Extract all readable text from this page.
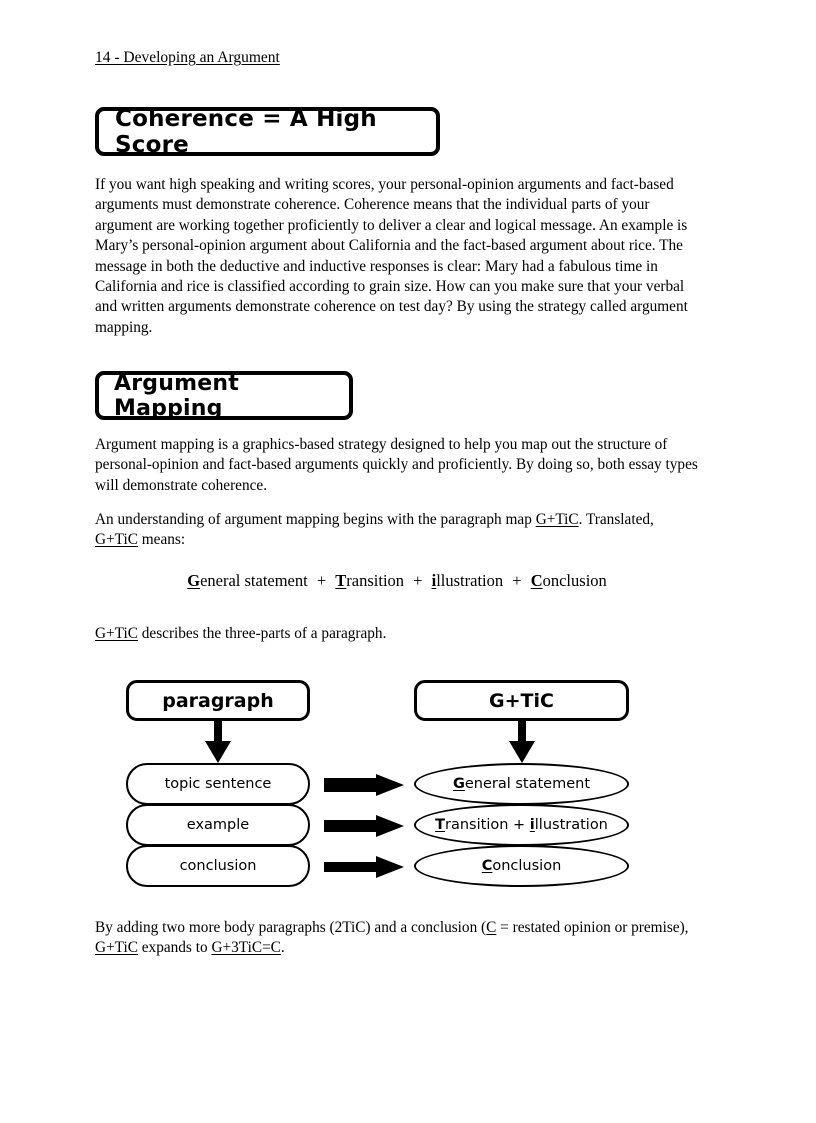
14 - Developing an Argument
Coherence = A High Score
If you want high speaking and writing scores, your personal-opinion arguments and fact-based arguments must demonstrate coherence. Coherence means that the individual parts of your argument are working together proficiently to deliver a clear and logical message. An example is Mary’s personal-opinion argument about California and the fact-based argument about rice. The message in both the deductive and inductive responses is clear: Mary had a fabulous time in California and rice is classified according to grain size. How can you make sure that your verbal and written arguments demonstrate coherence on test day? By using the strategy called argument mapping.
Argument Mapping
Argument mapping is a graphics-based strategy designed to help you map out the structure of personal-opinion and fact-based arguments quickly and proficiently. By doing so, both essay types will demonstrate coherence.
An understanding of argument mapping begins with the paragraph map G+TiC. Translated, G+TiC means:
General statement + Transition + illustration + Conclusion
G+TiC describes the three-parts of a paragraph.
paragraph	G+TiC
topic sentence
example
conclusion
General statement
Transition + illustration
Conclusion
By adding two more body paragraphs (2TiC) and a conclusion (C = restated opinion or premise), G+TiC expands to G+3TiC=C.
